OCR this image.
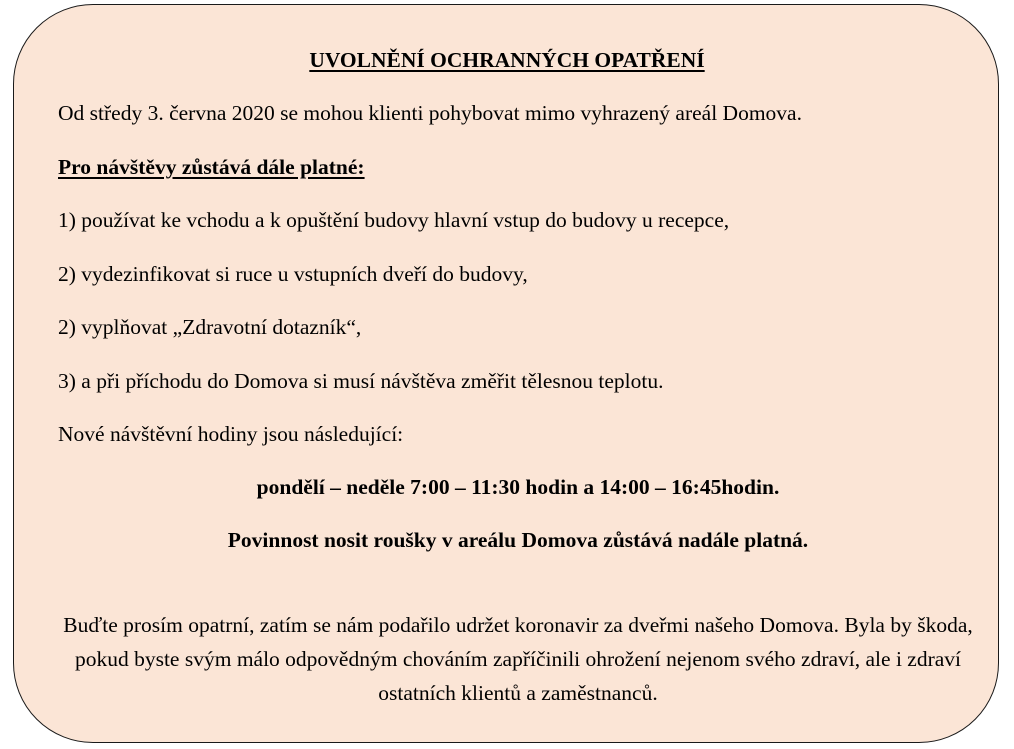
UVOLNĚNÍ OCHRANNÝCH OPATŘENÍ

Od středy 3. června 2020 se mohou klienti pohybovat mimo vyhrazený areál Domova.

Pro návštěvy zůstává dále platné:

1) používat ke vchodu a k opuštění budovy hlavní vstup do budovy u recepce,

2) vydezinfikovat si ruce u vstupních dveří do budovy,

2) vyplňovat „Zdravotní dotazník“,

3) a při příchodu do Domova si musí návštěva změřit tělesnou teplotu.

Nové návštěvní hodiny jsou následující:

pondělí – neděle 7:00 – 11:30 hodin a 14:00 – 16:45hodin.

Povinnost nosit roušky v areálu Domova zůstává nadále platná.

Buďte prosím opatrní, zatím se nám podařilo udržet koronavir za dveřmi našeho Domova. Byla by škoda, pokud byste svým málo odpovědným chováním zapříčinili ohrožení nejenom svého zdraví, ale i zdraví ostatních klientů a zaměstnanců.
